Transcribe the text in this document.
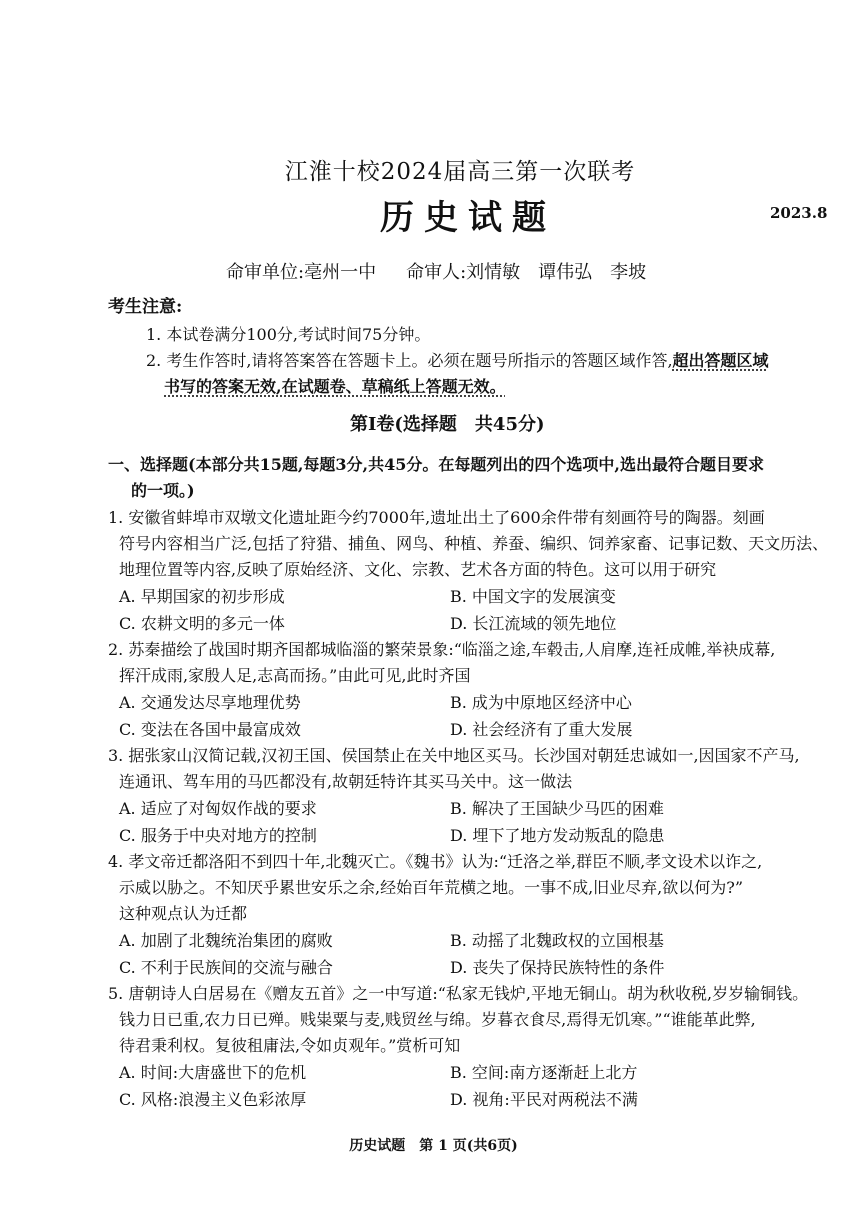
江淮十校2024届高三第一次联考
历史试题	2023.8
命审单位:亳州一中 命审人:刘情敏　谭伟弘　李坡
考生注意:
1. 本试卷满分100分,考试时间75分钟。
2. 考生作答时,请将答案答在答题卡上。必须在题号所指示的答题区域作答,超出答题区域
书写的答案无效,在试题卷、草稿纸上答题无效。
第Ⅰ卷(选择题　共45分)
一、选择题(本部分共15题,每题3分,共45分。在每题列出的四个选项中,选出最符合题目要求
的一项。)
1. 安徽省蚌埠市双墩文化遗址距今约7000年,遗址出土了600余件带有刻画符号的陶器。刻画
符号内容相当广泛,包括了狩猎、捕鱼、网鸟、种植、养蚕、编织、饲养家畜、记事记数、天文历法、
地理位置等内容,反映了原始经济、文化、宗教、艺术各方面的特色。这可以用于研究
A. 早期国家的初步形成	B. 中国文字的发展演变
C. 农耕文明的多元一体	D. 长江流域的领先地位
2. 苏秦描绘了战国时期齐国都城临淄的繁荣景象:“临淄之途,车毂击,人肩摩,连衽成帷,举袂成幕,
挥汗成雨,家殷人足,志高而扬。”由此可见,此时齐国
A. 交通发达尽享地理优势	B. 成为中原地区经济中心
C. 变法在各国中最富成效	D. 社会经济有了重大发展
3. 据张家山汉简记载,汉初王国、侯国禁止在关中地区买马。长沙国对朝廷忠诚如一,因国家不产马,
连通讯、驾车用的马匹都没有,故朝廷特许其买马关中。这一做法
A. 适应了对匈奴作战的要求	B. 解决了王国缺少马匹的困难
C. 服务于中央对地方的控制	D. 埋下了地方发动叛乱的隐患
4. 孝文帝迁都洛阳不到四十年,北魏灭亡。《魏书》认为:“迁洛之举,群臣不顺,孝文设术以诈之,
示威以胁之。不知厌乎累世安乐之余,经始百年荒横之地。一事不成,旧业尽弃,欲以何为?”
这种观点认为迁都
A. 加剧了北魏统治集团的腐败	B. 动摇了北魏政权的立国根基
C. 不利于民族间的交流与融合	D. 丧失了保持民族特性的条件
5. 唐朝诗人白居易在《赠友五首》之一中写道:“私家无钱炉,平地无铜山。胡为秋收税,岁岁输铜钱。
钱力日已重,农力日已殚。贱粜粟与麦,贱贸丝与绵。岁暮衣食尽,焉得无饥寒。”“谁能革此弊,
待君秉利权。复彼租庸法,令如贞观年。”赏析可知
A. 时间:大唐盛世下的危机	B. 空间:南方逐渐赶上北方
C. 风格:浪漫主义色彩浓厚	D. 视角:平民对两税法不满
历史试题　第 1 页(共6页)
